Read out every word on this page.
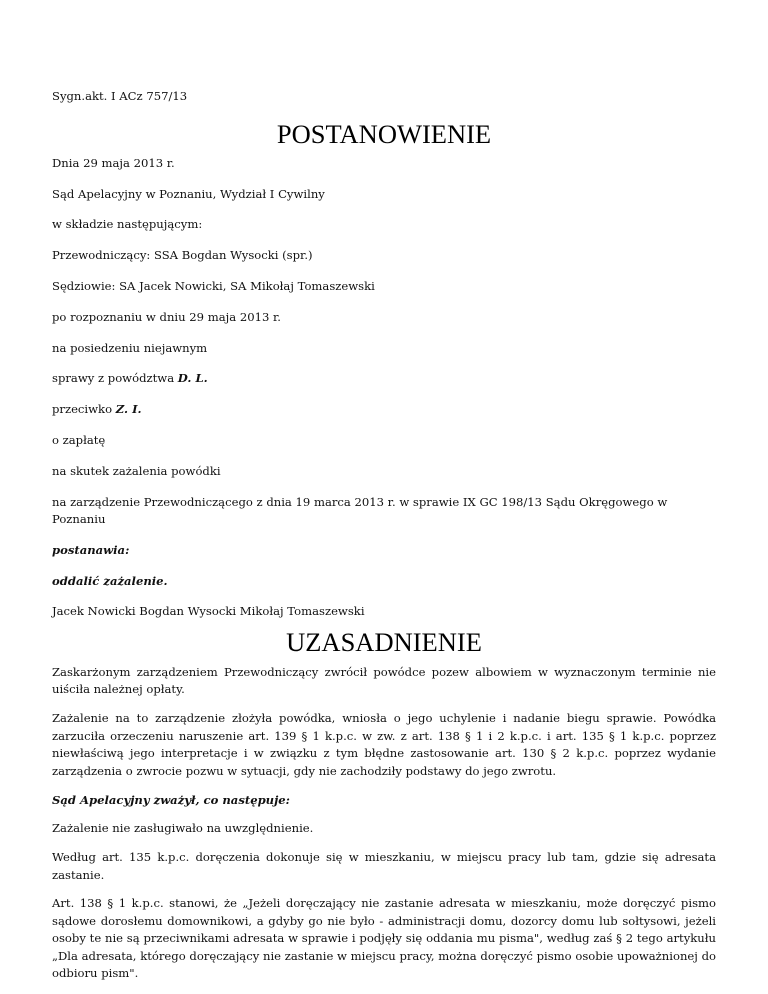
Sygn.akt. I ACz 757/13

POSTANOWIENIE

Dnia 29 maja 2013 r.

Sąd Apelacyjny w Poznaniu, Wydział I Cywilny

w składzie następującym:

Przewodniczący: SSA Bogdan Wysocki (spr.)

Sędziowie: SA Jacek Nowicki, SA Mikołaj Tomaszewski

po rozpoznaniu w dniu 29 maja 2013 r.

na posiedzeniu niejawnym

sprawy z powództwa D. L.

przeciwko Z. I.

o zapłatę

na skutek zażalenia powódki

na zarządzenie Przewodniczącego z dnia 19 marca 2013 r. w sprawie IX GC 198/13 Sądu Okręgowego w Poznaniu

postanawia:

oddalić zażalenie.

Jacek Nowicki Bogdan Wysocki Mikołaj Tomaszewski

UZASADNIENIE

Zaskarżonym zarządzeniem Przewodniczący zwrócił powódce pozew albowiem w wyznaczonym terminie nie uiściła należnej opłaty.

Zażalenie na to zarządzenie złożyła powódka, wniosła o jego uchylenie i nadanie biegu sprawie. Powódka zarzuciła orzeczeniu naruszenie art. 139 § 1 k.p.c. w zw. z art. 138 § 1 i 2 k.p.c. i art. 135 § 1 k.p.c. poprzez niewłaściwą jego interpretacje i w związku z tym błędne zastosowanie art. 130 § 2 k.p.c. poprzez wydanie zarządzenia o zwrocie pozwu w sytuacji, gdy nie zachodziły podstawy do jego zwrotu.

Sąd Apelacyjny zważył, co następuje:

Zażalenie nie zasługiwało na uwzględnienie.

Według art. 135 k.p.c. doręczenia dokonuje się w mieszkaniu, w miejscu pracy lub tam, gdzie się adresata zastanie.

Art. 138 § 1 k.p.c. stanowi, że „Jeżeli doręczający nie zastanie adresata w mieszkaniu, może doręczyć pismo sądowe dorosłemu domownikowi, a gdyby go nie było - administracji domu, dozorcy domu lub sołtysowi, jeżeli osoby te nie są przeciwnikami adresata w sprawie i podjęły się oddania mu pisma", według zaś § 2 tego artykułu „Dla adresata, którego doręczający nie zastanie w miejscu pracy, można doręczyć pismo osobie upoważnionej do odbioru pism".
